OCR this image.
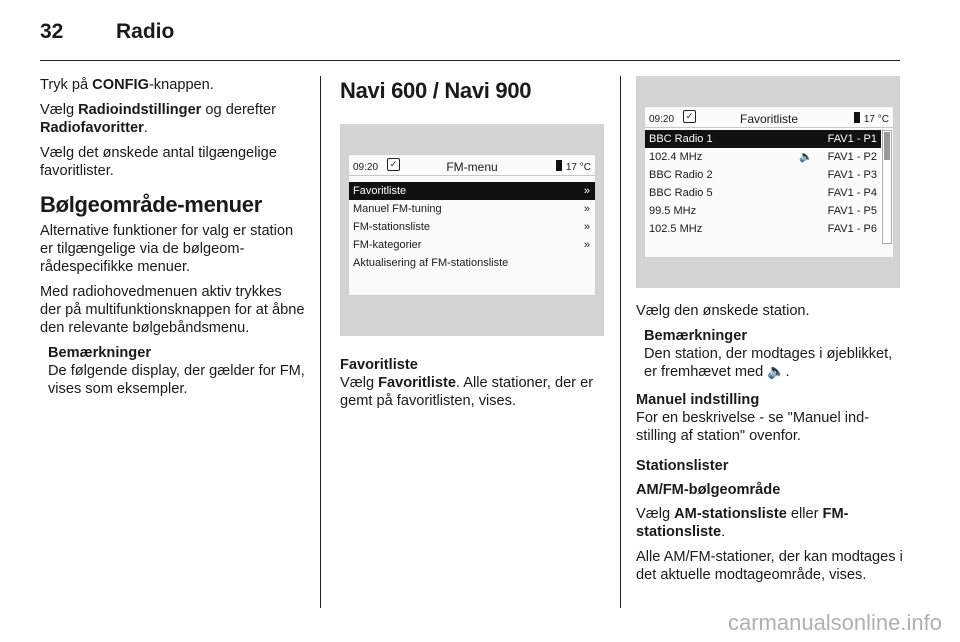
32	Radio

Tryk på CONFIG-knappen.

Vælg Radioindstillinger og derefter Radiofavoritter.

Vælg det ønskede antal tilgængelige favoritlister.

Bølgeområde-menuer

Alternative funktioner for valg er station er tilgængelige via de bølgeområdespecifikke menuer.

Med radiohovedmenuen aktiv trykkes der på multifunktionsknappen for at åbne den relevante bølgebåndsmenu.

Bemærkninger
De følgende display, der gælder for FM, vises som eksempler.
Navi 600 / Navi 900
09:20	✓	FM-menu	17 °C
Favoritliste	»
Manuel FM-tuning	»
FM-stationsliste	»
FM-kategorier	»
Aktualisering af FM-stationsliste

Favoritliste

Vælg Favoritliste. Alle stationer, der er gemt på favoritlisten, vises.

09:20	✓	Favoritliste	17 °C
BBC Radio 1	FAV1 - P1
102.4 MHz	🔈 FAV1 - P2
BBC Radio 2	FAV1 - P3
BBC Radio 5	FAV1 - P4
99.5 MHz	FAV1 - P5
102.5 MHz	FAV1 - P6

Vælg den ønskede station.

Bemærkninger
Den station, der modtages i øjeblikket, er fremhævet med 🔈.

Manuel indstilling

For en beskrivelse - se "Manuel indstilling af station" ovenfor.

Stationslister

AM/FM-bølgeområde

Vælg AM-stationsliste eller FM-stationsliste.

Alle AM/FM-stationer, der kan modtages i det aktuelle modtageområde, vises.

carmanualsonline.info
